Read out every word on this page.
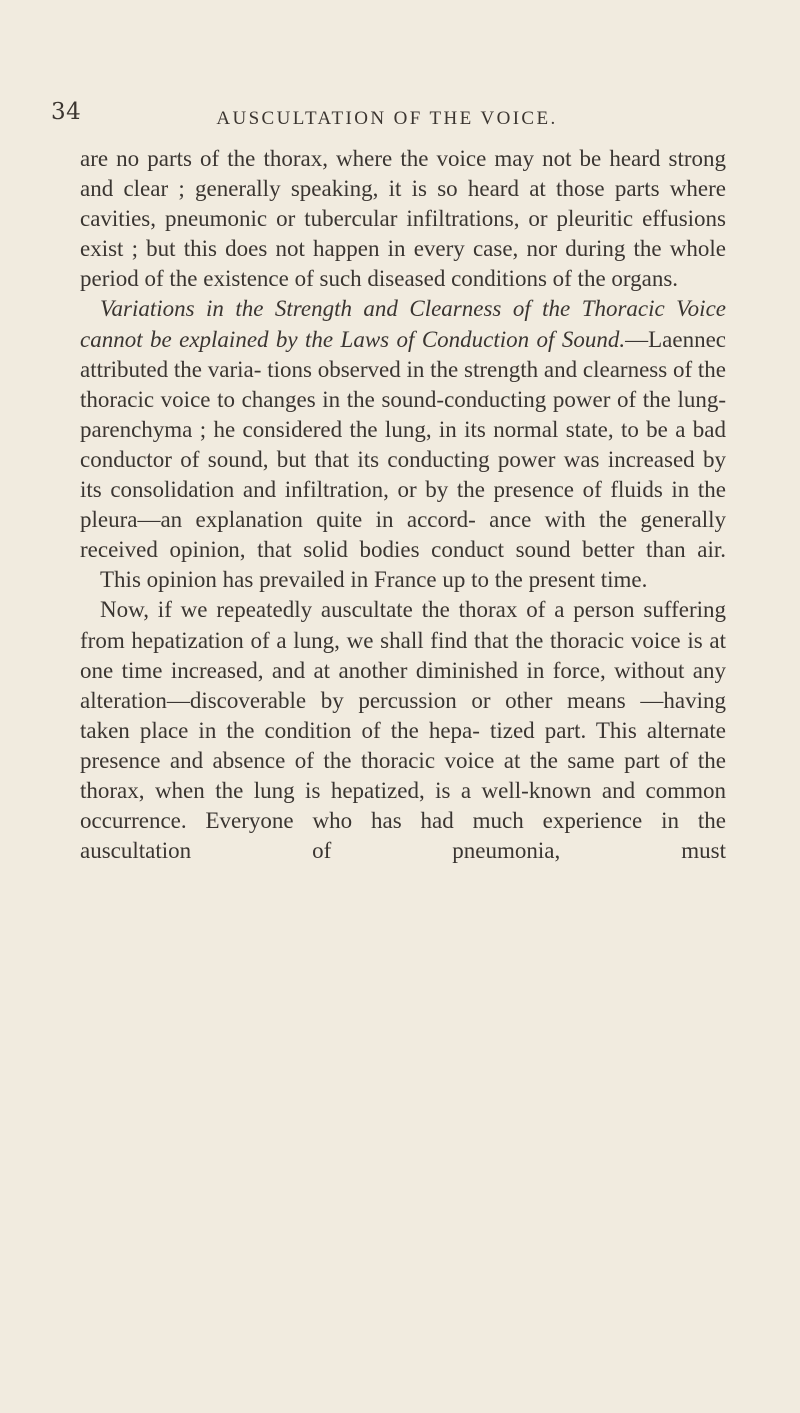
34	AUSCULTATION OF THE VOICE.

are no parts of the thorax, where the voice may not be heard strong and clear ; generally speaking, it is so heard at those parts where cavities, pneumonic or tubercular infiltrations, or pleuritic effusions exist ; but this does not happen in every case, nor during the whole period of the existence of such diseased conditions of the organs.

Variations in the Strength and Clearness of the Thoracic Voice cannot be explained by the Laws of Conduction of Sound.—Laennec attributed the varia- tions observed in the strength and clearness of the thoracic voice to changes in the sound-conducting power of the lung-parenchyma ; he considered the lung, in its normal state, to be a bad conductor of sound, but that its conducting power was increased by its consolidation and infiltration, or by the presence of fluids in the pleura—an explanation quite in accord- ance with the generally received opinion, that solid bodies conduct sound better than air.

This opinion has prevailed in France up to the present time.

Now, if we repeatedly auscultate the thorax of a person suffering from hepatization of a lung, we shall find that the thoracic voice is at one time increased, and at another diminished in force, without any alteration—discoverable by percussion or other means —having taken place in the condition of the hepa- tized part. This alternate presence and absence of the thoracic voice at the same part of the thorax, when the lung is hepatized, is a well-known and common occurrence. Everyone who has had much experience in the auscultation of pneumonia, must
